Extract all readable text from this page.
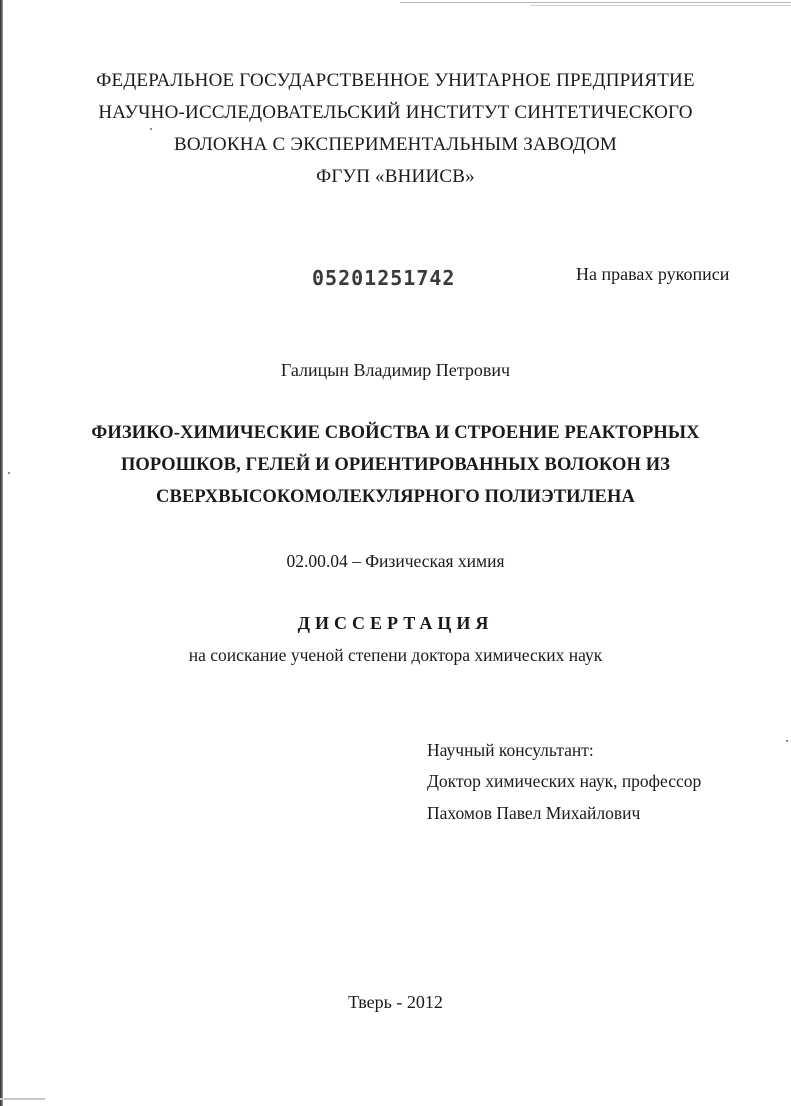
ФЕДЕРАЛЬНОЕ ГОСУДАРСТВЕННОЕ УНИТАРНОЕ ПРЕДПРИЯТИЕ
НАУЧНО-ИССЛЕДОВАТЕЛЬСКИЙ ИНСТИТУТ СИНТЕТИЧЕСКОГО
ВОЛОКНА С ЭКСПЕРИМЕНТАЛЬНЫМ ЗАВОДОМ
ФГУП «ВНИИСВ»
05201251742	На правах рукописи
Галицын Владимир Петрович
ФИЗИКО-ХИМИЧЕСКИЕ СВОЙСТВА И СТРОЕНИЕ РЕАКТОРНЫХ
ПОРОШКОВ, ГЕЛЕЙ И ОРИЕНТИРОВАННЫХ ВОЛОКОН ИЗ
СВЕРХВЫСОКОМОЛЕКУЛЯРНОГО ПОЛИЭТИЛЕНА
02.00.04 – Физическая химия
ДИССЕРТАЦИЯ
на соискание ученой степени доктора химических наук
Научный консультант:
Доктор химических наук, профессор
Пахомов Павел Михайлович
Тверь - 2012
